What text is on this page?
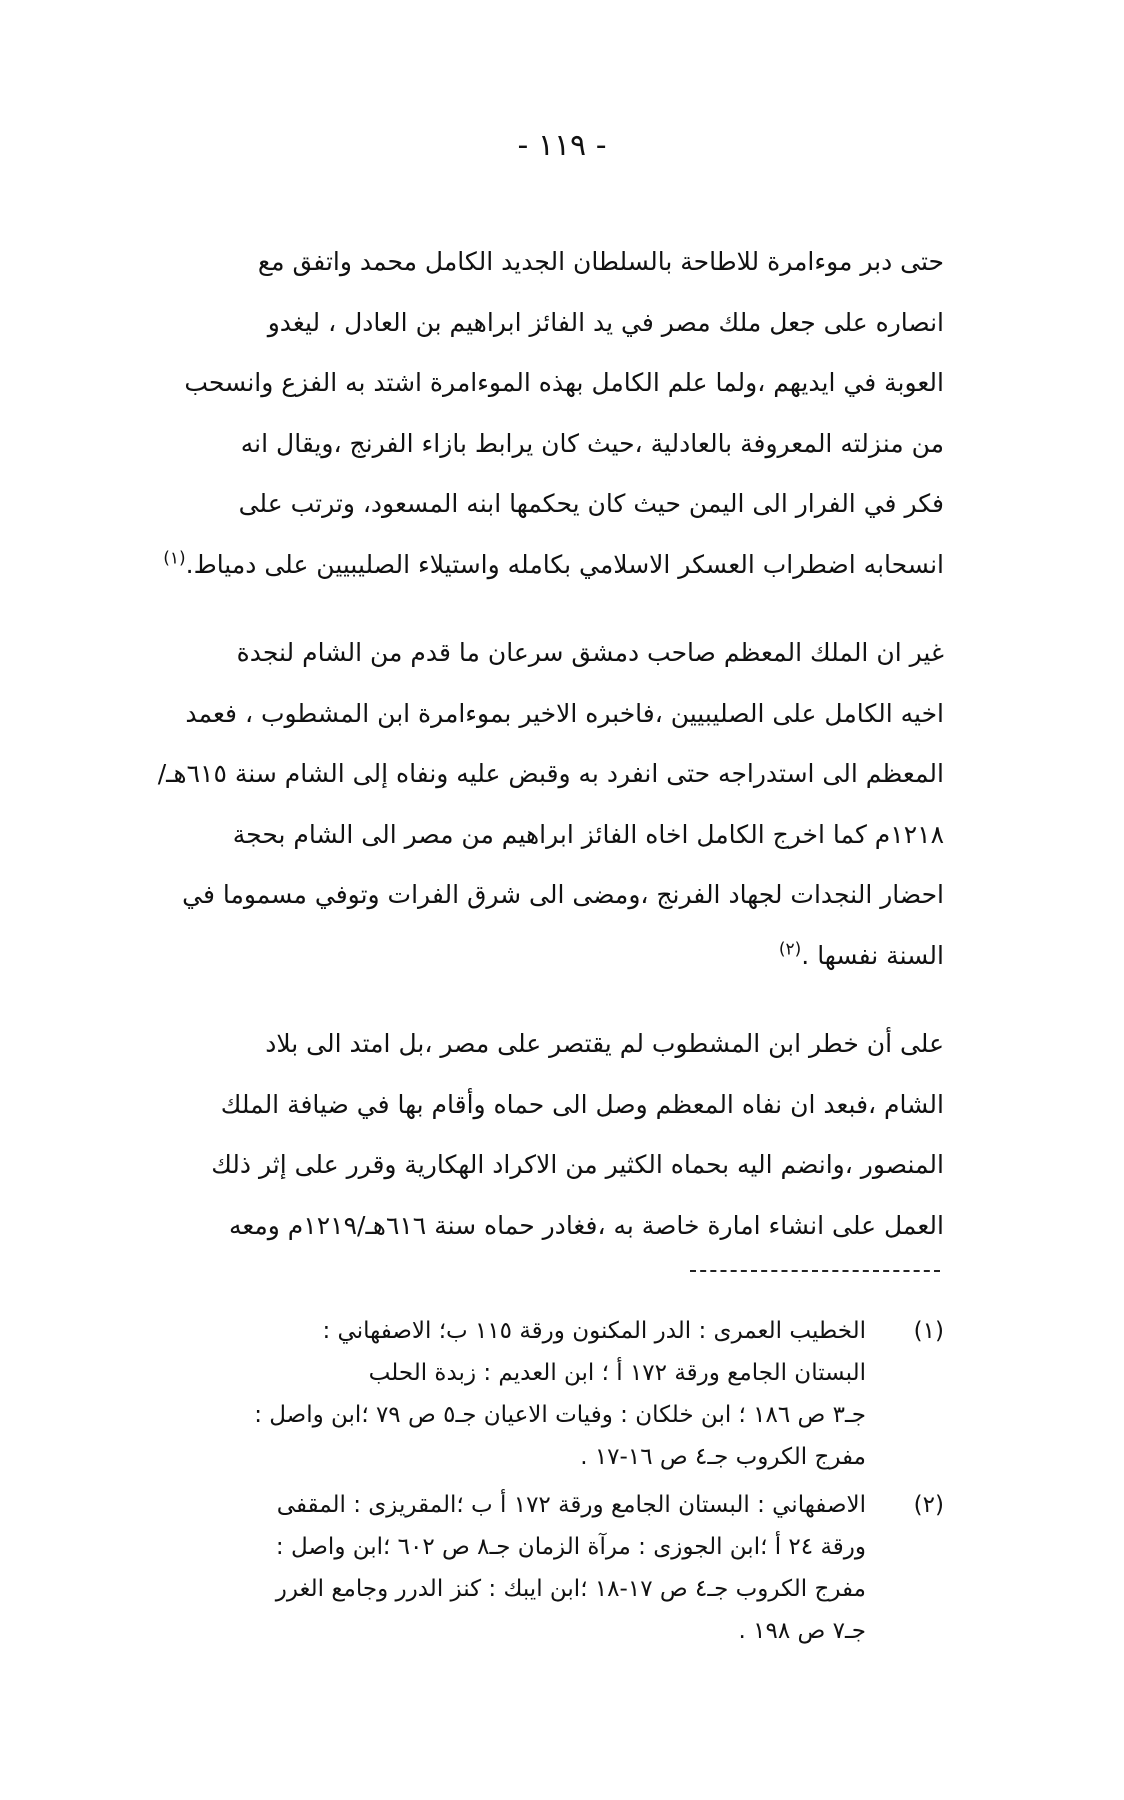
- ١١٩ -

حتى دبر موءامرة للاطاحة بالسلطان الجديد الكامل محمد واتفق مع

انصاره على جعل ملك مصر في يد الفائز ابراهيم بن العادل ، ليغدو

العوبة في ايديهم ،ولما علم الكامل بهذه الموءامرة اشتد به الفزع وانسحب

من منزلته المعروفة بالعادلية ،حيث كان يرابط بازاء الفرنج ،ويقال انه

فكر في الفرار الى اليمن حيث كان يحكمها ابنه المسعود، وترتب على

انسحابه اضطراب العسكر الاسلامي بكامله واستيلاء الصليبيين على دمياط.$^{(١)}$

غير ان الملك المعظم صاحب دمشق سرعان ما قدم من الشام لنجدة

اخيه الكامل على الصليبيين ،فاخبره الاخير بموءامرة ابن المشطوب ، فعمد

المعظم الى استدراجه حتى انفرد به وقبض عليه ونفاه إلى الشام سنة ٦١٥هـ/

١٢١٨م كما اخرج الكامل اخاه الفائز ابراهيم من مصر الى الشام بحجة

احضار النجدات لجهاد الفرنج ،ومضى الى شرق الفرات وتوفي مسموما في

السنة نفسها .$^{(٢)}$

على أن خطر ابن المشطوب لم يقتصر على مصر ،بل امتد الى بلاد

الشام ،فبعد ان نفاه المعظم وصل الى حماه وأقام بها في ضيافة الملك

المنصور ،وانضم اليه بحماه الكثير من الاكراد الهكارية وقرر على إثر ذلك

العمل على انشاء امارة خاصة به ،فغادر حماه سنة ٦١٦هـ/١٢١٩م ومعه

(١)

الخطيب العمرى : الدر المكنون ورقة ١١٥ ب؛ الاصفهاني :

البستان الجامع ورقة ١٧٢ أ ؛ ابن العديم : زبدة الحلب

جـ٣ ص ١٨٦ ؛ ابن خلكان : وفيات الاعيان جـ٥ ص ٧٩ ؛ابن واصل :

مفرج الكروب جـ٤ ص ١٦-١٧ .

(٢)

الاصفهاني : البستان الجامع ورقة ١٧٢ أ ب ؛المقريزى : المقفى

ورقة ٢٤ أ ؛ابن الجوزى : مرآة الزمان جـ٨ ص ٦٠٢ ؛ابن واصل :

مفرج الكروب جـ٤ ص ١٧-١٨ ؛ابن ايبك : كنز الدرر وجامع الغرر

جـ٧ ص ١٩٨ .
